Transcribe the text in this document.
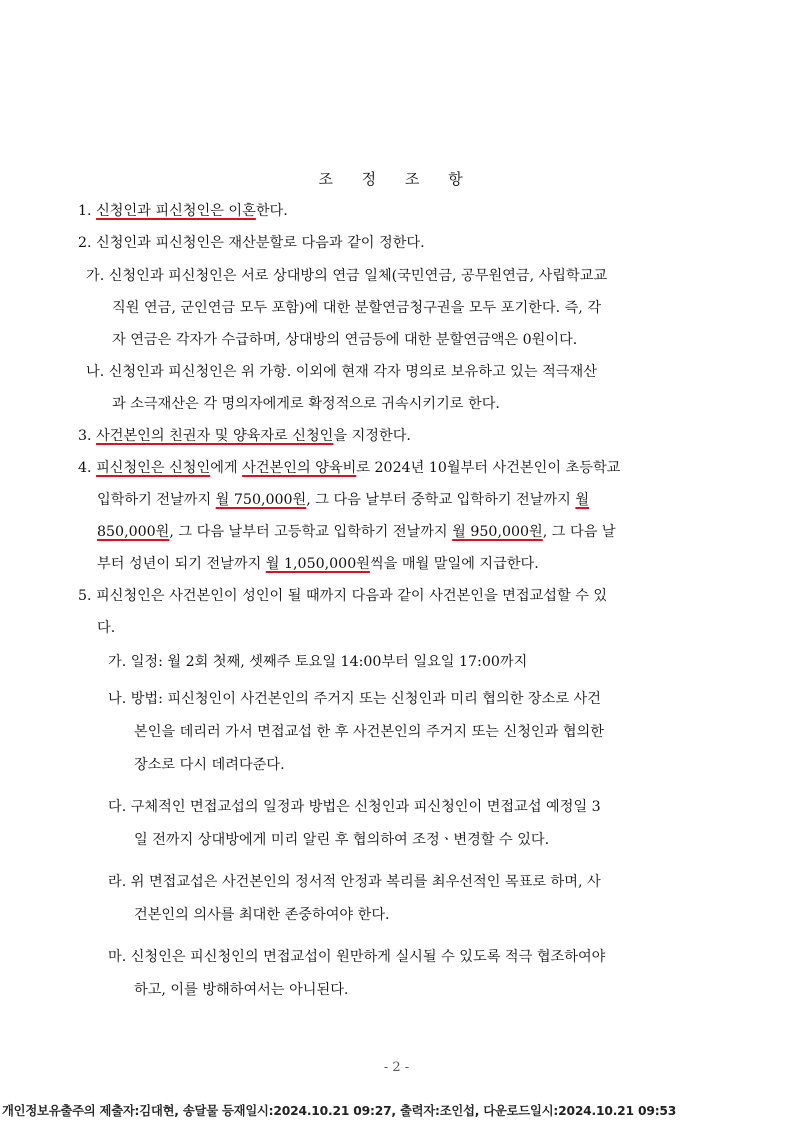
조 정 조 항
1. 신청인과 피신청인은 이혼한다.
2. 신청인과 피신청인은 재산분할로 다음과 같이 정한다.
가. 신청인과 피신청인은 서로 상대방의 연금 일체(국민연금, 공무원연금, 사립학교교
직원 연금, 군인연금 모두 포함)에 대한 분할연금청구권을 모두 포기한다. 즉, 각
자 연금은 각자가 수급하며, 상대방의 연금등에 대한 분할연금액은 0원이다.
나. 신청인과 피신청인은 위 가항. 이외에 현재 각자 명의로 보유하고 있는 적극재산
과 소극재산은 각 명의자에게로 확정적으로 귀속시키기로 한다.
3. 사건본인의 친권자 및 양육자로 신청인을 지정한다.
4. 피신청인은 신청인에게 사건본인의 양육비로 2024년 10월부터 사건본인이 초등학교
입학하기 전날까지 월 750,000원, 그 다음 날부터 중학교 입학하기 전날까지 월
850,000원, 그 다음 날부터 고등학교 입학하기 전날까지 월 950,000원, 그 다음 날
부터 성년이 되기 전날까지 월 1,050,000원씩을 매월 말일에 지급한다.
5. 피신청인은 사건본인이 성인이 될 때까지 다음과 같이 사건본인을 면접교섭할 수 있
다.
가. 일정: 월 2회 첫째, 셋째주 토요일 14:00부터 일요일 17:00까지
나. 방법: 피신청인이 사건본인의 주거지 또는 신청인과 미리 협의한 장소로 사건
본인을 데리러 가서 면접교섭 한 후 사건본인의 주거지 또는 신청인과 협의한
장소로 다시 데려다준다.
다. 구체적인 면접교섭의 일정과 방법은 신청인과 피신청인이 면접교섭 예정일 3
일 전까지 상대방에게 미리 알린 후 협의하여 조정ㆍ변경할 수 있다.
라. 위 면접교섭은 사건본인의 정서적 안정과 복리를 최우선적인 목표로 하며, 사
건본인의 의사를 최대한 존중하여야 한다.
마. 신청인은 피신청인의 면접교섭이 원만하게 실시될 수 있도록 적극 협조하여야
하고, 이를 방해하여서는 아니된다.
- 2 -
개인정보유출주의 제출자:김대현, 송달물 등재일시:2024.10.21 09:27, 출력자:조인섭, 다운로드일시:2024.10.21 09:53
